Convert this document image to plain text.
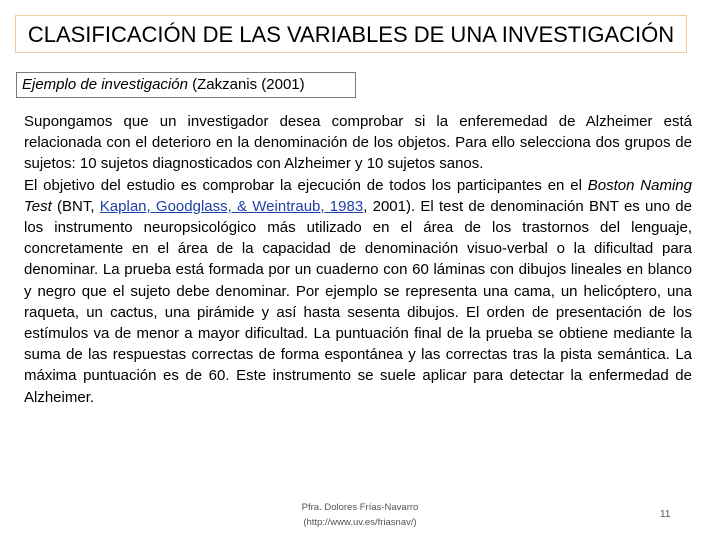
CLASIFICACIÓN DE LAS VARIABLES DE UNA INVESTIGACIÓN
Ejemplo de investigación (Zakzanis (2001)

Supongamos que un investigador desea comprobar si la enferemedad de Alzheimer está relacionada con el deterioro en la denominación de los objetos. Para ello selecciona dos grupos de sujetos: 10 sujetos diagnosticados con Alzheimer y 10 sujetos sanos.

El objetivo del estudio es comprobar la ejecución de todos los participantes en el Boston Naming Test (BNT, Kaplan, Goodglass, & Weintraub, 1983, 2001). El test de denominación BNT es uno de los instrumento neuropsicológico más utilizado en el área de los trastornos del lenguaje, concretamente en el área de la capacidad de denominación visuo-verbal o la dificultad para denominar. La prueba está formada por un cuaderno con 60 láminas con dibujos lineales en blanco y negro que el sujeto debe denominar. Por ejemplo se representa una cama, un helicóptero, una raqueta, un cactus, una pirámide y así hasta sesenta dibujos. El orden de presentación de los estímulos va de menor a mayor dificultad. La puntuación final de la prueba se obtiene mediante la suma de las respuestas correctas de forma espontánea y las correctas tras la pista semántica. La máxima puntuación es de 60. Este instrumento se suele aplicar para detectar la enfermedad de Alzheimer.

Pfra. Dolores Frías-Navarro
(http://www.uv.es/friasnav/)
11
